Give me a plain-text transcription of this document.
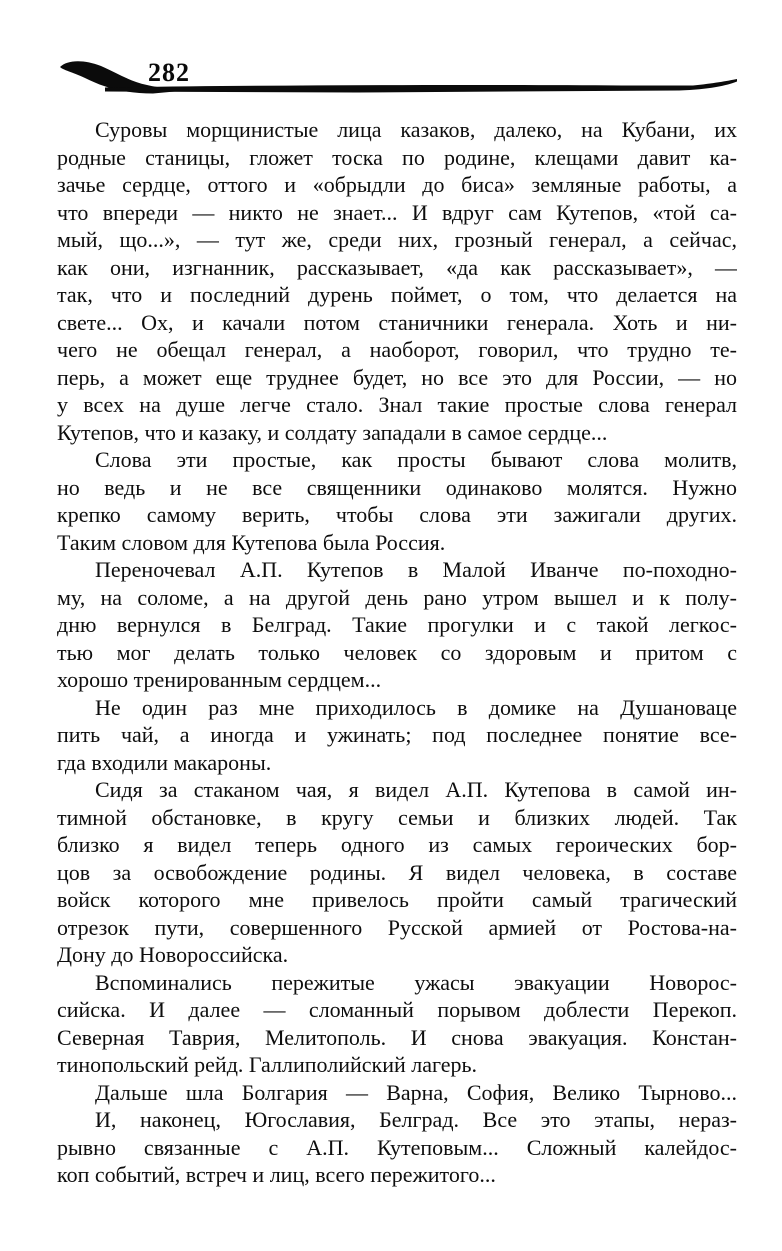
282
Суровы морщинистые лица казаков, далеко, на Кубани, их
родные станицы, гложет тоска по родине, клещами давит ка-
зачье сердце, оттого и «обрыдли до биса» земляные работы, а
что впереди — никто не знает... И вдруг сам Кутепов, «той са-
мый, що...», — тут же, среди них, грозный генерал, а сейчас,
как они, изгнанник, рассказывает, «да как рассказывает», —
так, что и последний дурень поймет, о том, что делается на
свете... Ох, и качали потом станичники генерала. Хоть и ни-
чего не обещал генерал, а наоборот, говорил, что трудно те-
перь, а может еще труднее будет, но все это для России, — но
у всех на душе легче стало. Знал такие простые слова генерал
Кутепов, что и казаку, и солдату западали в самое сердце...
Слова эти простые, как просты бывают слова молитв,
но ведь и не все священники одинаково молятся. Нужно
крепко самому верить, чтобы слова эти зажигали других.
Таким словом для Кутепова была Россия.
Переночевал А.П. Кутепов в Малой Иванче по-походно-
му, на соломе, а на другой день рано утром вышел и к полу-
дню вернулся в Белград. Такие прогулки и с такой легкос-
тью мог делать только человек со здоровым и притом с
хорошо тренированным сердцем...
Не один раз мне приходилось в домике на Душановаце
пить чай, а иногда и ужинать; под последнее понятие все-
гда входили макароны.
Сидя за стаканом чая, я видел А.П. Кутепова в самой ин-
тимной обстановке, в кругу семьи и близких людей. Так
близко я видел теперь одного из самых героических бор-
цов за освобождение родины. Я видел человека, в составе
войск которого мне привелось пройти самый трагический
отрезок пути, совершенного Русской армией от Ростова-на-
Дону до Новороссийска.
Вспоминались пережитые ужасы эвакуации Новорос-
сийска. И далее — сломанный порывом доблести Перекоп.
Северная Таврия, Мелитополь. И снова эвакуация. Констан-
тинопольский рейд. Галлиполийский лагерь.
Дальше шла Болгария — Варна, София, Велико Тырново...
И, наконец, Югославия, Белград. Все это этапы, нераз-
рывно связанные с А.П. Кутеповым... Сложный калейдос-
коп событий, встреч и лиц, всего пережитого...
